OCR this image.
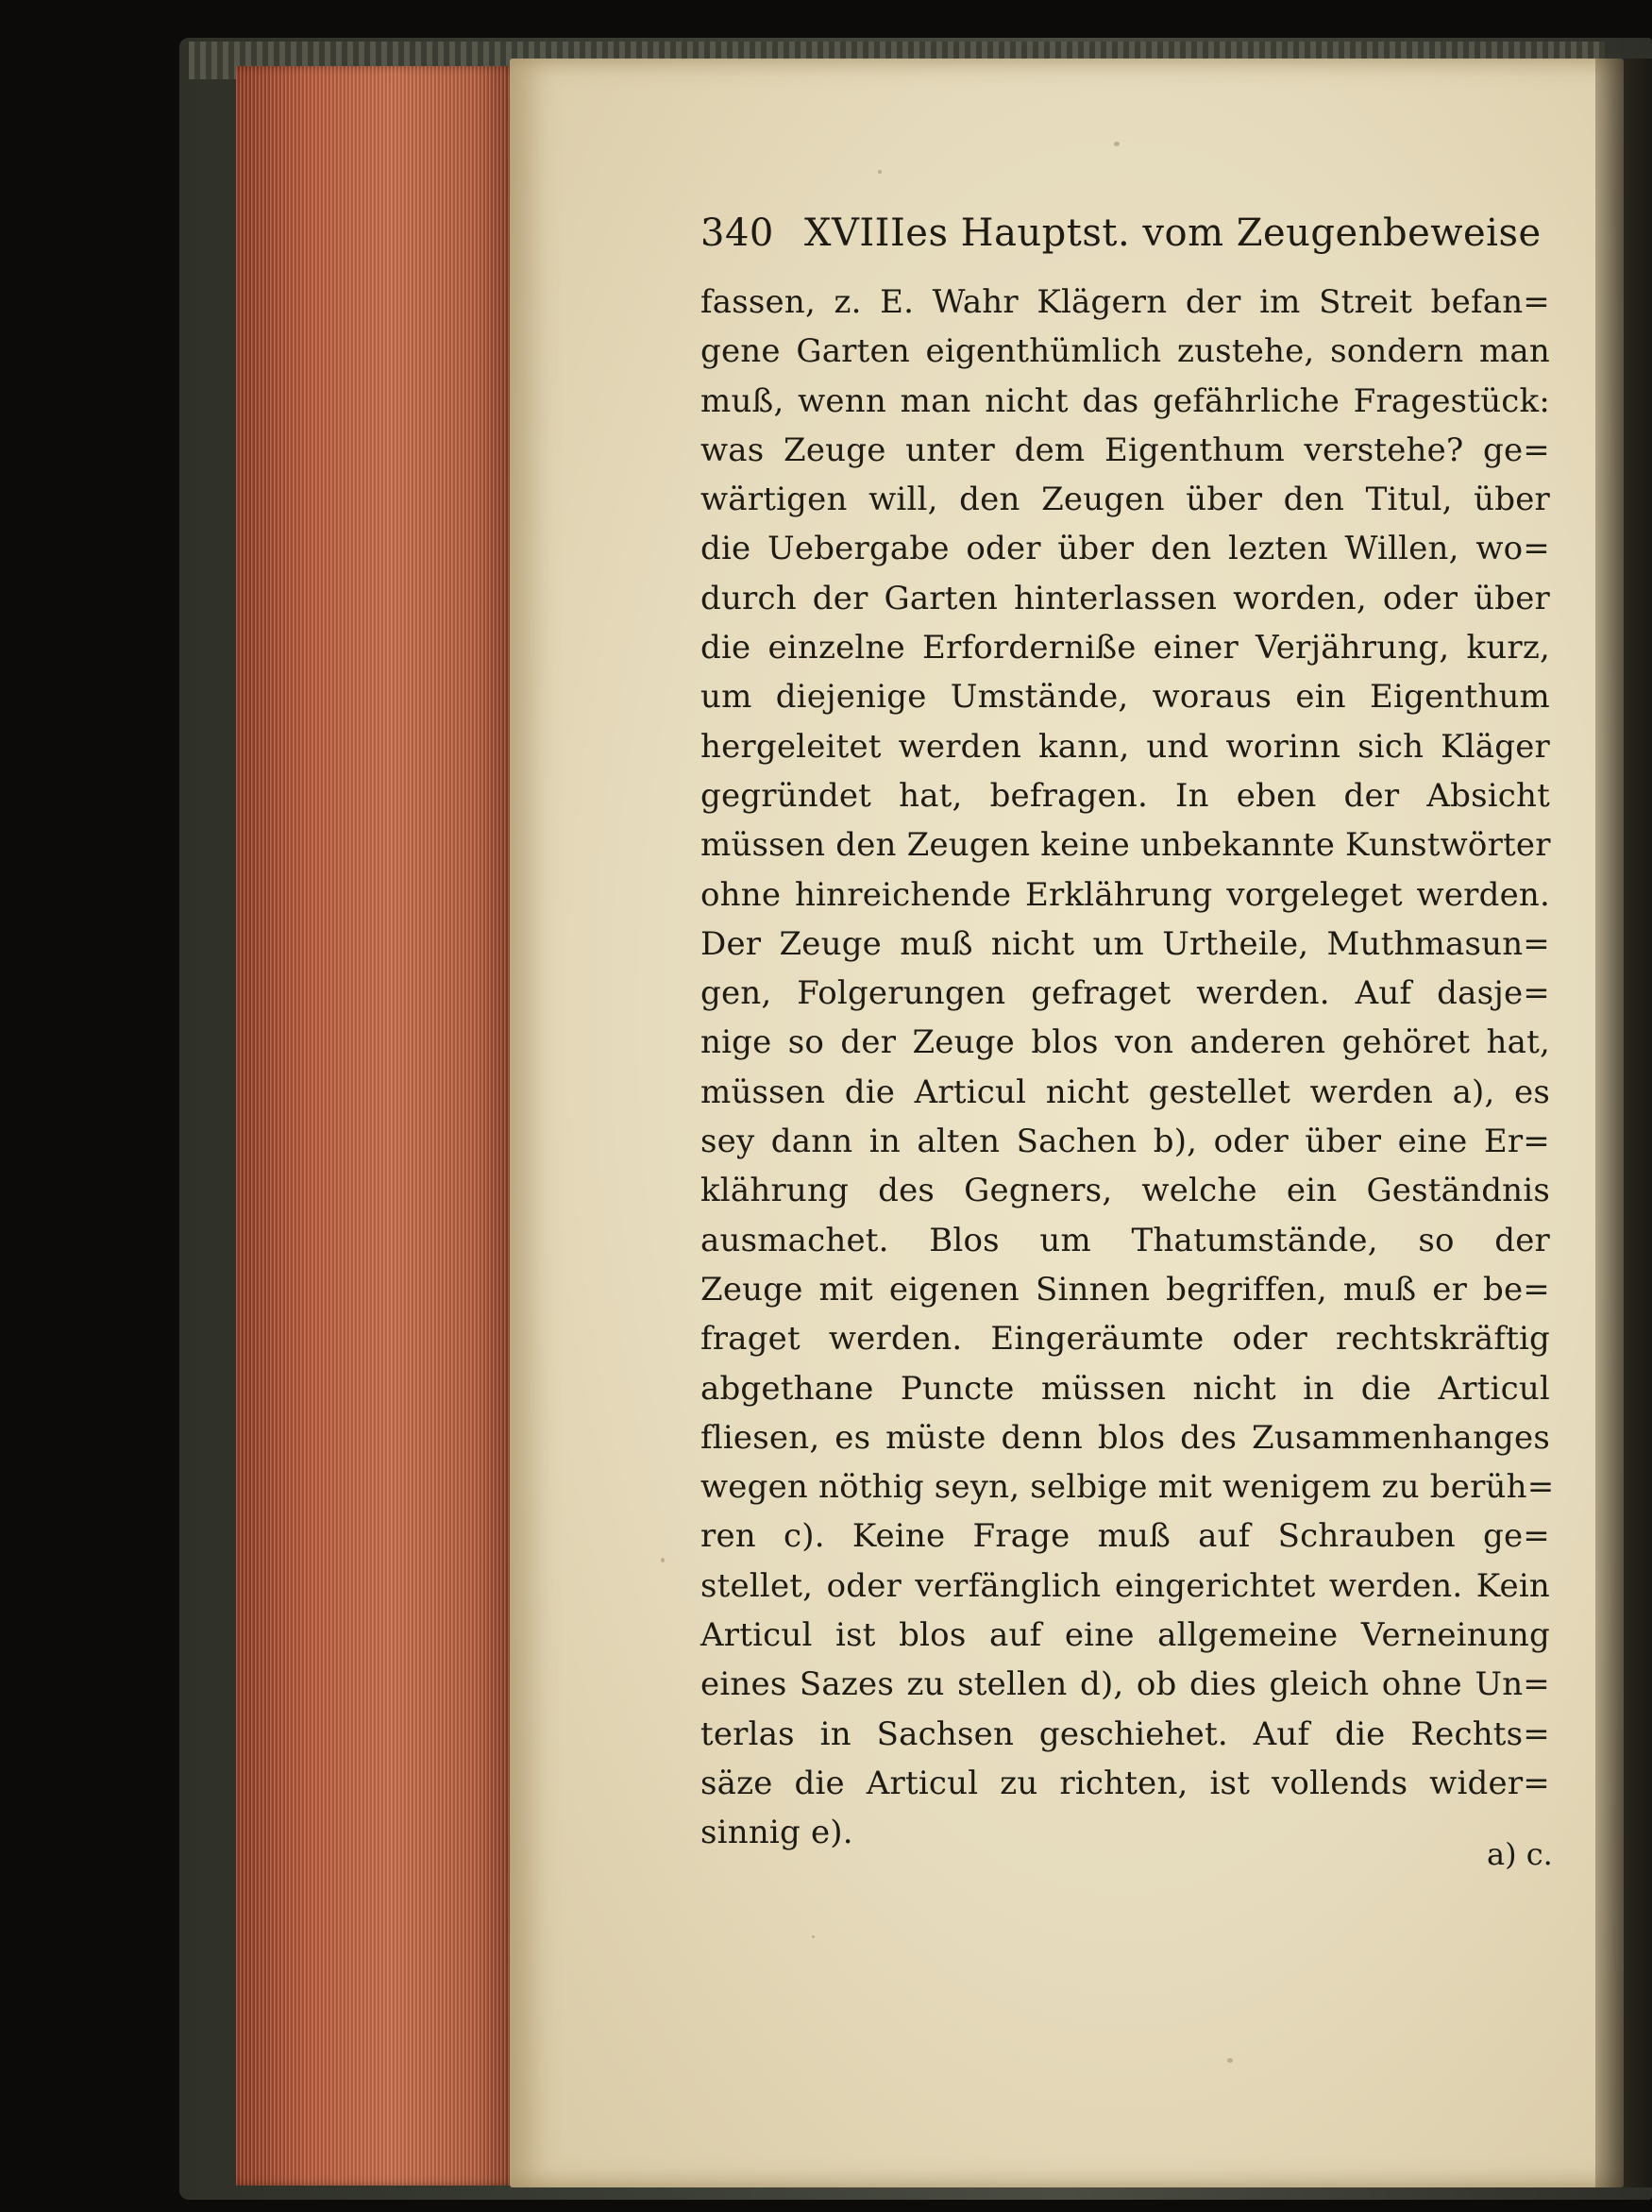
340 XVIIIes Hauptst. vom Zeugenbeweise
fassen, z. E. Wahr Klägern der im Streit befan=
gene Garten eigenthümlich zustehe, sondern man
muß, wenn man nicht das gefährliche Fragestück:
was Zeuge unter dem Eigenthum verstehe? ge=
wärtigen will, den Zeugen über den Titul, über
die Uebergabe oder über den lezten Willen, wo=
durch der Garten hinterlassen worden, oder über
die einzelne Erforderniße einer Verjährung, kurz,
um diejenige Umstände, woraus ein Eigenthum
hergeleitet werden kann, und worinn sich Kläger
gegründet hat, befragen. In eben der Absicht
müssen den Zeugen keine unbekannte Kunstwörter
ohne hinreichende Erklährung vorgeleget werden.
Der Zeuge muß nicht um Urtheile, Muthmasun=
gen, Folgerungen gefraget werden. Auf dasje=
nige so der Zeuge blos von anderen gehöret hat,
müssen die Articul nicht gestellet werden a), es
sey dann in alten Sachen b), oder über eine Er=
klährung des Gegners, welche ein Geständnis
ausmachet. Blos um Thatumstände, so der
Zeuge mit eigenen Sinnen begriffen, muß er be=
fraget werden. Eingeräumte oder rechtskräftig
abgethane Puncte müssen nicht in die Articul
fliesen, es müste denn blos des Zusammenhanges
wegen nöthig seyn, selbige mit wenigem zu berüh=
ren c). Keine Frage muß auf Schrauben ge=
stellet, oder verfänglich eingerichtet werden. Kein
Articul ist blos auf eine allgemeine Verneinung
eines Sazes zu stellen d), ob dies gleich ohne Un=
terlas in Sachsen geschiehet. Auf die Rechts=
säze die Articul zu richten, ist vollends wider=
sinnig e).
a) c.
